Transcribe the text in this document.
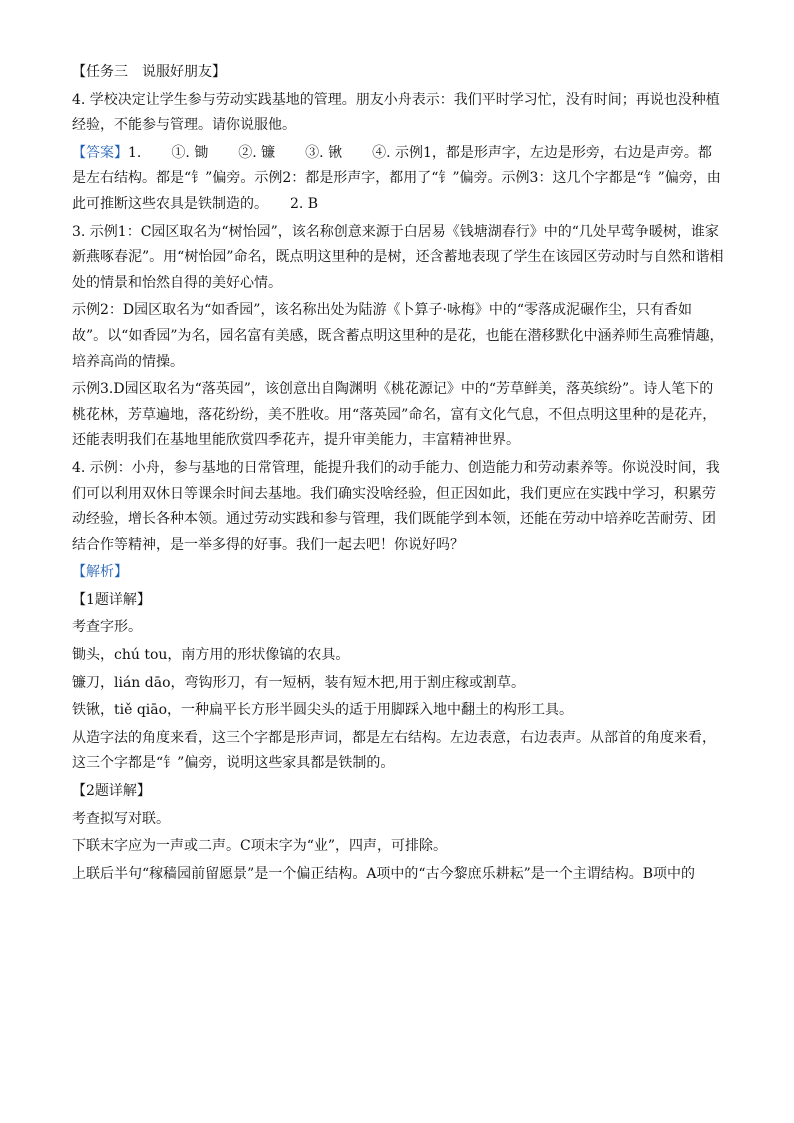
【任务三　说服好朋友】

4. 学校决定让学生参与劳动实践基地的管理。朋友小舟表示：我们平时学习忙，没有时间；再说也没种植经验，不能参与管理。请你说服他。

【答案】1. ①. 锄 ②. 镰 ③. 锹 ④. 示例1，都是形声字，左边是形旁，右边是声旁。都是左右结构。都是“钅”偏旁。示例2：都是形声字，都用了“钅”偏旁。示例3：这几个字都是“钅”偏旁，由此可推断这些农具是铁制造的。 2. B

3. 示例1：C园区取名为“树怡园”，该名称创意来源于白居易《钱塘湖春行》中的“几处早莺争暖树，谁家新燕啄春泥”。用“树怡园”命名，既点明这里种的是树，还含蓄地表现了学生在该园区劳动时与自然和谐相处的情景和怡然自得的美好心情。

示例2：D园区取名为“如香园”，该名称出处为陆游《卜算子·咏梅》中的“零落成泥碾作尘，只有香如故”。以“如香园”为名，园名富有美感，既含蓄点明这里种的是花，也能在潜移默化中涵养师生高雅情趣，培养高尚的情操。

示例3.D园区取名为“落英园”，该创意出自陶渊明《桃花源记》中的“芳草鲜美，落英缤纷”。诗人笔下的桃花林，芳草遍地，落花纷纷，美不胜收。用“落英园”命名，富有文化气息，不但点明这里种的是花卉，还能表明我们在基地里能欣赏四季花卉，提升审美能力，丰富精神世界。

4. 示例：小舟，参与基地的日常管理，能提升我们的动手能力、创造能力和劳动素养等。你说没时间，我们可以利用双休日等课余时间去基地。我们确实没啥经验，但正因如此，我们更应在实践中学习，积累劳动经验，增长各种本领。通过劳动实践和参与管理，我们既能学到本领，还能在劳动中培养吃苦耐劳、团结合作等精神，是一举多得的好事。我们一起去吧！你说好吗？

【解析】

【1题详解】

考查字形。

锄头，chú tou，南方用的形状像镐的农具。

镰刀，lián dāo，弯钩形刀，有一短柄，装有短木把,用于割庄稼或割草。

铁锹，tiě qiāo，一种扁平长方形半圆尖头的适于用脚踩入地中翻土的构形工具。

从造字法的角度来看，这三个字都是形声词，都是左右结构。左边表意，右边表声。从部首的角度来看，这三个字都是“钅”偏旁，说明这些家具都是铁制的。

【2题详解】

考查拟写对联。

下联末字应为一声或二声。C项末字为“业”，四声，可排除。

上联后半句“稼穑园前留愿景”是一个偏正结构。A项中的“古今黎庶乐耕耘”是一个主谓结构。B项中的
